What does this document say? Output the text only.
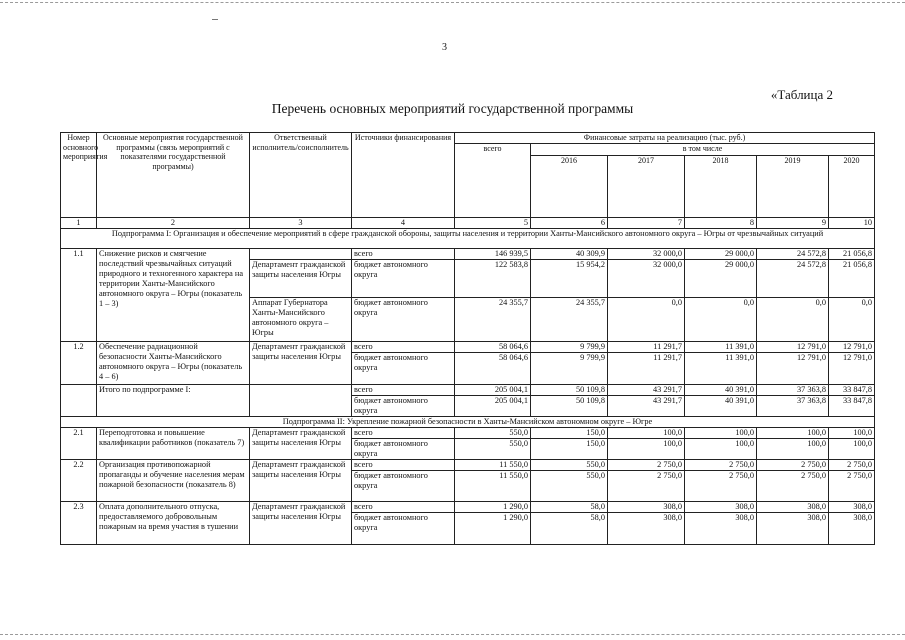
3
«Таблица 2
Перечень основных мероприятий государственной программы
Номер основного мероприятия	Основные мероприятия государственной программы (связь мероприятий с показателями государственной программы)	Ответственный исполнитель/соисполнитель	Источники финансирования	Финансовые затраты на реализацию (тыс. руб.)					
				всего	в том числе				
					2016	2017	2018	2019	2020
1	2	3	4	5	6	7	8	9	10
Подпрограмма I: Организация и обеспечение мероприятий в сфере гражданской обороны, защиты населения и территории Ханты-Мансийского автономного округа – Югры от чрезвычайных ситуаций									
1.1	Снижение рисков и смягчение последствий чрезвычайных ситуаций природного и техногенного характера на территории Ханты-Мансийского автономного округа – Югры (показатель 1 – 3)		всего	146 939,5	40 309,9	32 000,0	29 000,0	24 572,8	21 056,8
		Департамент гражданской защиты населения Югры	бюджет автономного округа	122 583,8	15 954,2	32 000,0	29 000,0	24 572,8	21 056,8
		Аппарат Губернатора Ханты-Мансийского автономного округа – Югры	бюджет автономного округа	24 355,7	24 355,7	0,0	0,0	0,0	0,0
1.2	Обеспечение радиационной безопасности Ханты-Мансийского автономного округа – Югры (показатель 4 – 6)	Департамент гражданской защиты населения Югры	всего	58 064,6	9 799,9	11 291,7	11 391,0	12 791,0	12 791,0
			бюджет автономного округа	58 064,6	9 799,9	11 291,7	11 391,0	12 791,0	12 791,0
	Итого по подпрограмме I:		всего	205 004,1	50 109,8	43 291,7	40 391,0	37 363,8	33 847,8
			бюджет автономного округа	205 004,1	50 109,8	43 291,7	40 391,0	37 363,8	33 847,8
Подпрограмма II: Укрепление пожарной безопасности в Ханты-Мансийском автономном округе – Югре									
2.1	Переподготовка и повышение квалификации работников (показатель 7)	Департамент гражданской защиты населения Югры	всего	550,0	150,0	100,0	100,0	100,0	100,0
			бюджет автономного округа	550,0	150,0	100,0	100,0	100,0	100,0
2.2	Организация противопожарной пропаганды и обучение населения мерам пожарной безопасности (показатель 8)	Департамент гражданской защиты населения Югры	всего	11 550,0	550,0	2 750,0	2 750,0	2 750,0	2 750,0
			бюджет автономного округа	11 550,0	550,0	2 750,0	2 750,0	2 750,0	2 750,0
2.3	Оплата дополнительного отпуска, предоставляемого добровольным пожарным на время участия в тушении	Департамент гражданской защиты населения Югры	всего	1 290,0	58,0	308,0	308,0	308,0	308,0
			бюджет автономного округа	1 290,0	58,0	308,0	308,0	308,0	308,0
